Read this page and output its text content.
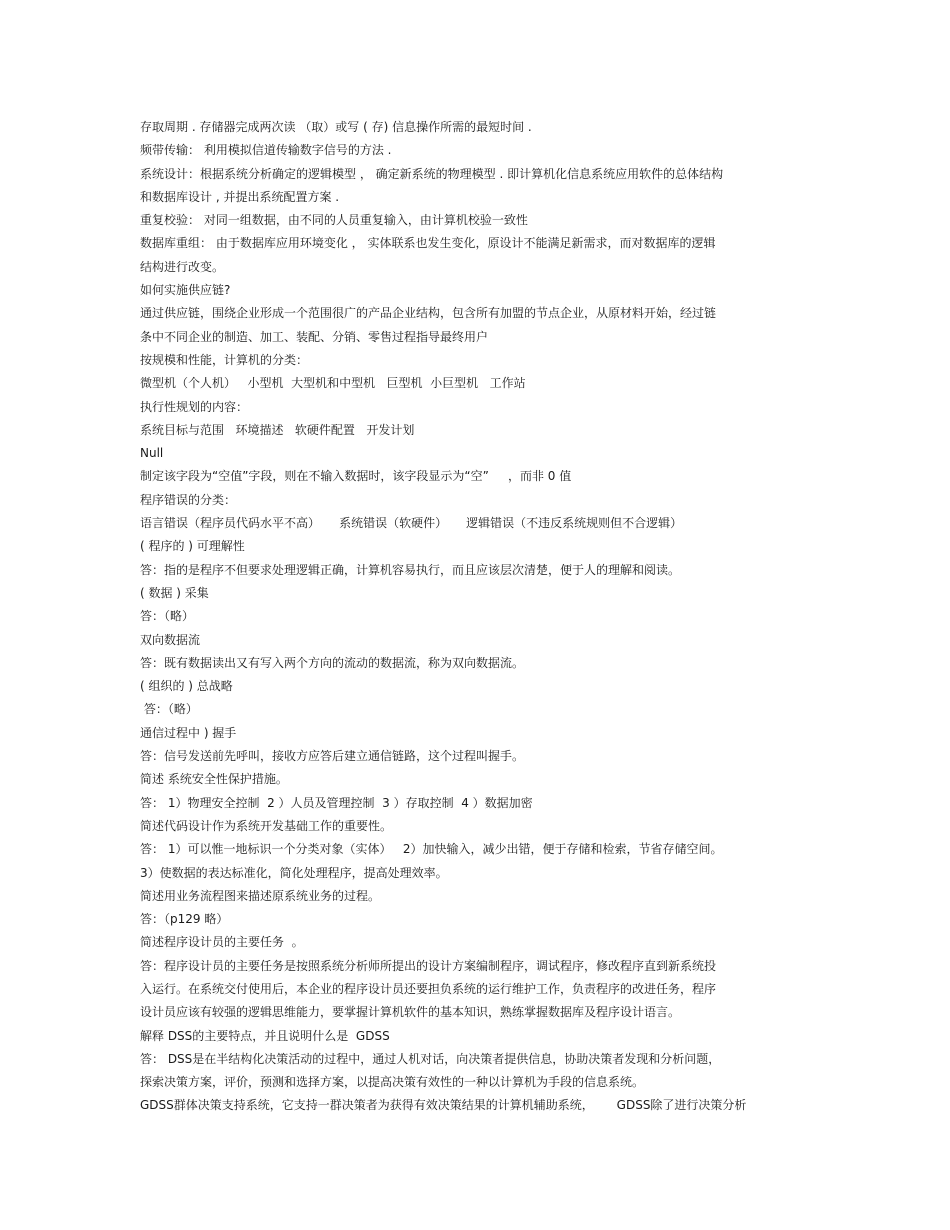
存取周期 . 存储器完成两次读 （取）或写 ( 存) 信息操作所需的最短时间 .
频带传输： 利用模拟信道传输数字信号的方法 .
系统设计：根据系统分析确定的逻辑模型 ， 确定新系统的物理模型 . 即计算机化信息系统应用软件的总体结构
和数据库设计 , 并提出系统配置方案 .
重复校验： 对同一组数据，由不同的人员重复输入，由计算机校验一致性
数据库重组： 由于数据库应用环境变化 ， 实体联系也发生变化，原设计不能满足新需求，而对数据库的逻辑
结构进行改变。
如何实施供应链?
通过供应链，围绕企业形成一个范围很广的产品企业结构，包含所有加盟的节点企业，从原材料开始，经过链
条中不同企业的制造、加工、装配、分销、零售过程指导最终用户
按规模和性能，计算机的分类：
微型机（个人机）   小型机  大型机和中型机   巨型机  小巨型机   工作站
执行性规划的内容：
系统目标与范围   环境描述   软硬件配置   开发计划
Null
制定该字段为“空值”字段，则在不输入数据时，该字段显示为“空”     ，而非 0 值
程序错误的分类：
语言错误（程序员代码水平不高）     系统错误（软硬件）     逻辑错误（不违反系统规则但不合逻辑）
( 程序的 ) 可理解性
答：指的是程序不但要求处理逻辑正确，计算机容易执行，而且应该层次清楚，便于人的理解和阅读。
( 数据 ) 采集
答：（略）
双向数据流
答：既有数据读出又有写入两个方向的流动的数据流，称为双向数据流。
( 组织的 ) 总战略
答：（略）
通信过程中 ) 握手
答：信号发送前先呼叫，接收方应答后建立通信链路，这个过程叫握手。
简述 系统安全性保护措施。
答： 1）物理安全控制  2 ）人员及管理控制  3 ）存取控制  4 ）数据加密
简述代码设计作为系统开发基础工作的重要性。
答： 1）可以惟一地标识一个分类对象（实体）   2）加快输入，减少出错，便于存储和检索，节省存储空间。
3）使数据的表达标准化，简化处理程序，提高处理效率。
简述用业务流程图来描述原系统业务的过程。
答：（p129 略）
简述程序设计员的主要任务  。
答：程序设计员的主要任务是按照系统分析师所提出的设计方案编制程序，调试程序，修改程序直到新系统投
入运行。在系统交付使用后，本企业的程序设计员还要担负系统的运行维护工作，负责程序的改进任务，程序
设计员应该有较强的逻辑思维能力，要掌握计算机软件的基本知识，熟练掌握数据库及程序设计语言。
解释 DSS的主要特点，并且说明什么是  GDSS
答： DSS是在半结构化决策活动的过程中，通过人机对话，向决策者提供信息，协助决策者发现和分析问题，
探索决策方案，评价，预测和选择方案，以提高决策有效性的一种以计算机为手段的信息系统。
GDSS群体决策支持系统，它支持一群决策者为获得有效决策结果的计算机辅助系统，      GDSS除了进行决策分析
